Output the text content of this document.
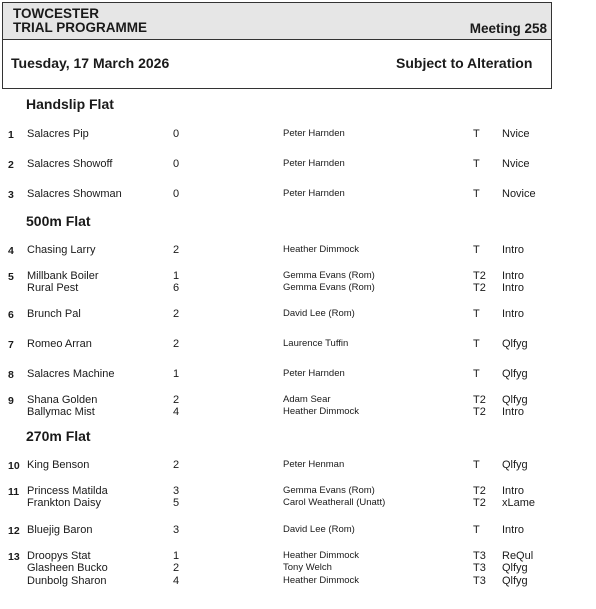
TOWCESTER
TRIAL PROGRAMME	Meeting 258
Tuesday, 17 March 2026	Subject to Alteration
Handslip Flat
1 Salacres Pip	0	Peter Harnden	T Nvice
2 Salacres Showoff	0	Peter Harnden	T Nvice
3 Salacres Showman	0	Peter Harnden	T Novice
500m Flat
4 Chasing Larry	2	Heather Dimmock	T Intro
5 Millbank Boiler	1	Gemma Evans (Rom)	T2 Intro
Rural Pest	6	Gemma Evans (Rom)	T2 Intro
6 Brunch Pal	2	David Lee (Rom)	T Intro
7 Romeo Arran	2	Laurence Tuffin	T Qlfyg
8 Salacres Machine	1	Peter Harnden	T Qlfyg
9 Shana Golden	2	Adam Sear	T2 Qlfyg
Ballymac Mist	4	Heather Dimmock	T2 Intro
270m Flat
10 King Benson	2	Peter Henman	T Qlfyg
11 Princess Matilda	3	Gemma Evans (Rom)	T2 Intro
Frankton Daisy	5	Carol Weatherall (Unatt)	T2 xLame
12 Bluejig Baron	3	David Lee (Rom)	T Intro
13 Droopys Stat	1	Heather Dimmock	T3 ReQul
Glasheen Bucko	2	Tony Welch	T3 Qlfyg
Dunbolg Sharon	4	Heather Dimmock	T3 Qlfyg
